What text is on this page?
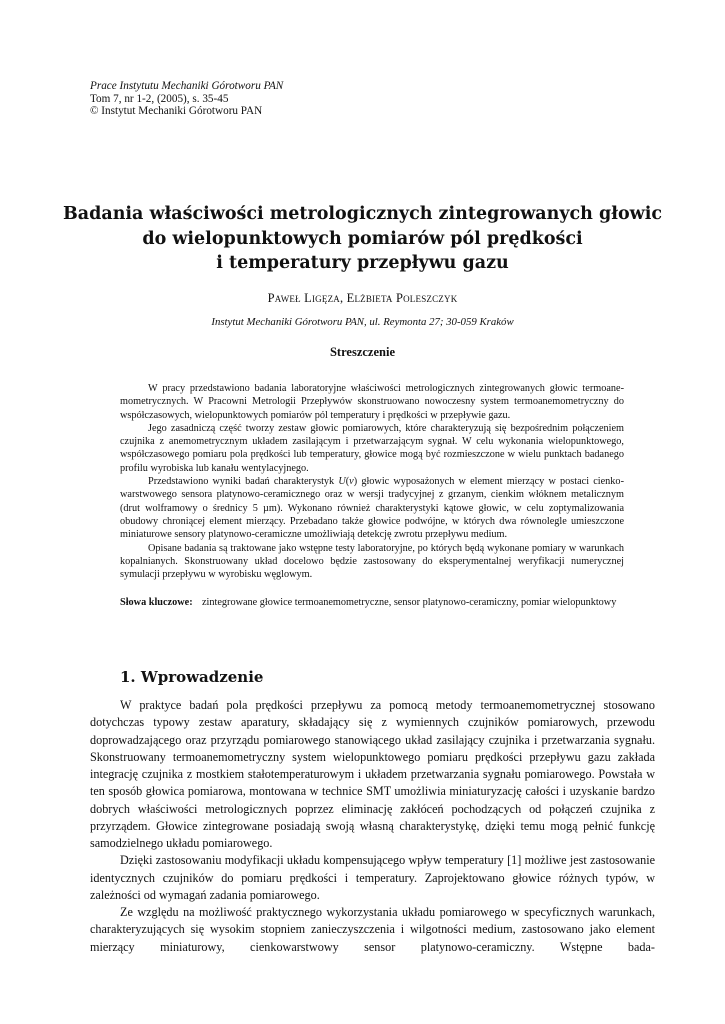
Prace Instytutu Mechaniki Górotworu PAN
Tom 7, nr 1-2, (2005), s. 35-45
© Instytut Mechaniki Górotworu PAN
Badania właściwości metrologicznych zintegrowanych głowic
do wielopunktowych pomiarów pól prędkości
i temperatury przepływu gazu
Paweł Ligęza, Elżbieta Poleszczyk
Instytut Mechaniki Górotworu PAN, ul. Reymonta 27; 30-059 Kraków
Streszczenie

W pracy przedstawiono badania laboratoryjne właściwości metrologicznych zintegrowanych głowic termoanemometrycznych. W Pracowni Metrologii Przepływów skonstruowano nowoczesny system termoanemometryczny do współczasowych, wielopunktowych pomiarów pól temperatury i prędkości w przepływie gazu.

Jego zasadniczą część tworzy zestaw głowic pomiarowych, które charakteryzują się bezpośrednim połączeniem czujnika z anemometrycznym układem zasilającym i przetwarzającym sygnał. W celu wykonania wielopunktowego, współczasowego pomiaru pola prędkości lub temperatury, głowice mogą być rozmieszczone w wielu punktach badanego profilu wyrobiska lub kanału wentylacyjnego.

Przedstawiono wyniki badań charakterystyk U(v) głowic wyposażonych w element mierzący w postaci cienkowarstwowego sensora platynowo-ceramicznego oraz w wersji tradycyjnej z grzanym, cienkim włóknem metalicznym (drut wolframowy o średnicy 5 µm). Wykonano również charakterystyki kątowe głowic, w celu zoptymalizowania obudowy chroniącej element mierzący. Przebadano także głowice podwójne, w których dwa równolegle umieszczone miniaturowe sensory platynowo-ceramiczne umożliwiają detekcję zwrotu przepływu medium.

Opisane badania są traktowane jako wstępne testy laboratoryjne, po których będą wykonane pomiary w warunkach kopalnianych. Skonstruowany układ docelowo będzie zastosowany do eksperymentalnej weryfikacji numerycznej symulacji przepływu w wyrobisku węglowym.

Słowa kluczowe: zintegrowane głowice termoanemometryczne, sensor platynowo-ceramiczny, pomiar wielopunktowy
1. Wprowadzenie

W praktyce badań pola prędkości przepływu za pomocą metody termoanemometrycznej stosowano dotychczas typowy zestaw aparatury, składający się z wymiennych czujników pomiarowych, przewodu doprowadzającego oraz przyrządu pomiarowego stanowiącego układ zasilający czujnika i przetwarzania sygnału. Skonstruowany termoanemometryczny system wielopunktowego pomiaru prędkości przepływu gazu zakłada integrację czujnika z mostkiem stałotemperaturowym i układem przetwarzania sygnału pomiarowego. Powstała w ten sposób głowica pomiarowa, montowana w technice SMT umożliwia miniaturyzację całości i uzyskanie bardzo dobrych właściwości metrologicznych poprzez eliminację zakłóceń pochodzących od połączeń czujnika z przyrządem. Głowice zintegrowane posiadają swoją własną charakterystykę, dzięki temu mogą pełnić funkcję samodzielnego układu pomiarowego.

Dzięki zastosowaniu modyfikacji układu kompensującego wpływ temperatury [1] możliwe jest zastosowanie identycznych czujników do pomiaru prędkości i temperatury. Zaprojektowano głowice różnych typów, w zależności od wymagań zadania pomiarowego.

Ze względu na możliwość praktycznego wykorzystania układu pomiarowego w specyficznych warunkach, charakteryzujących się wysokim stopniem zanieczyszczenia i wilgotności medium, zastosowano jako element mierzący miniaturowy, cienkowarstwowy sensor platynowo-ceramiczny. Wstępne bada-
